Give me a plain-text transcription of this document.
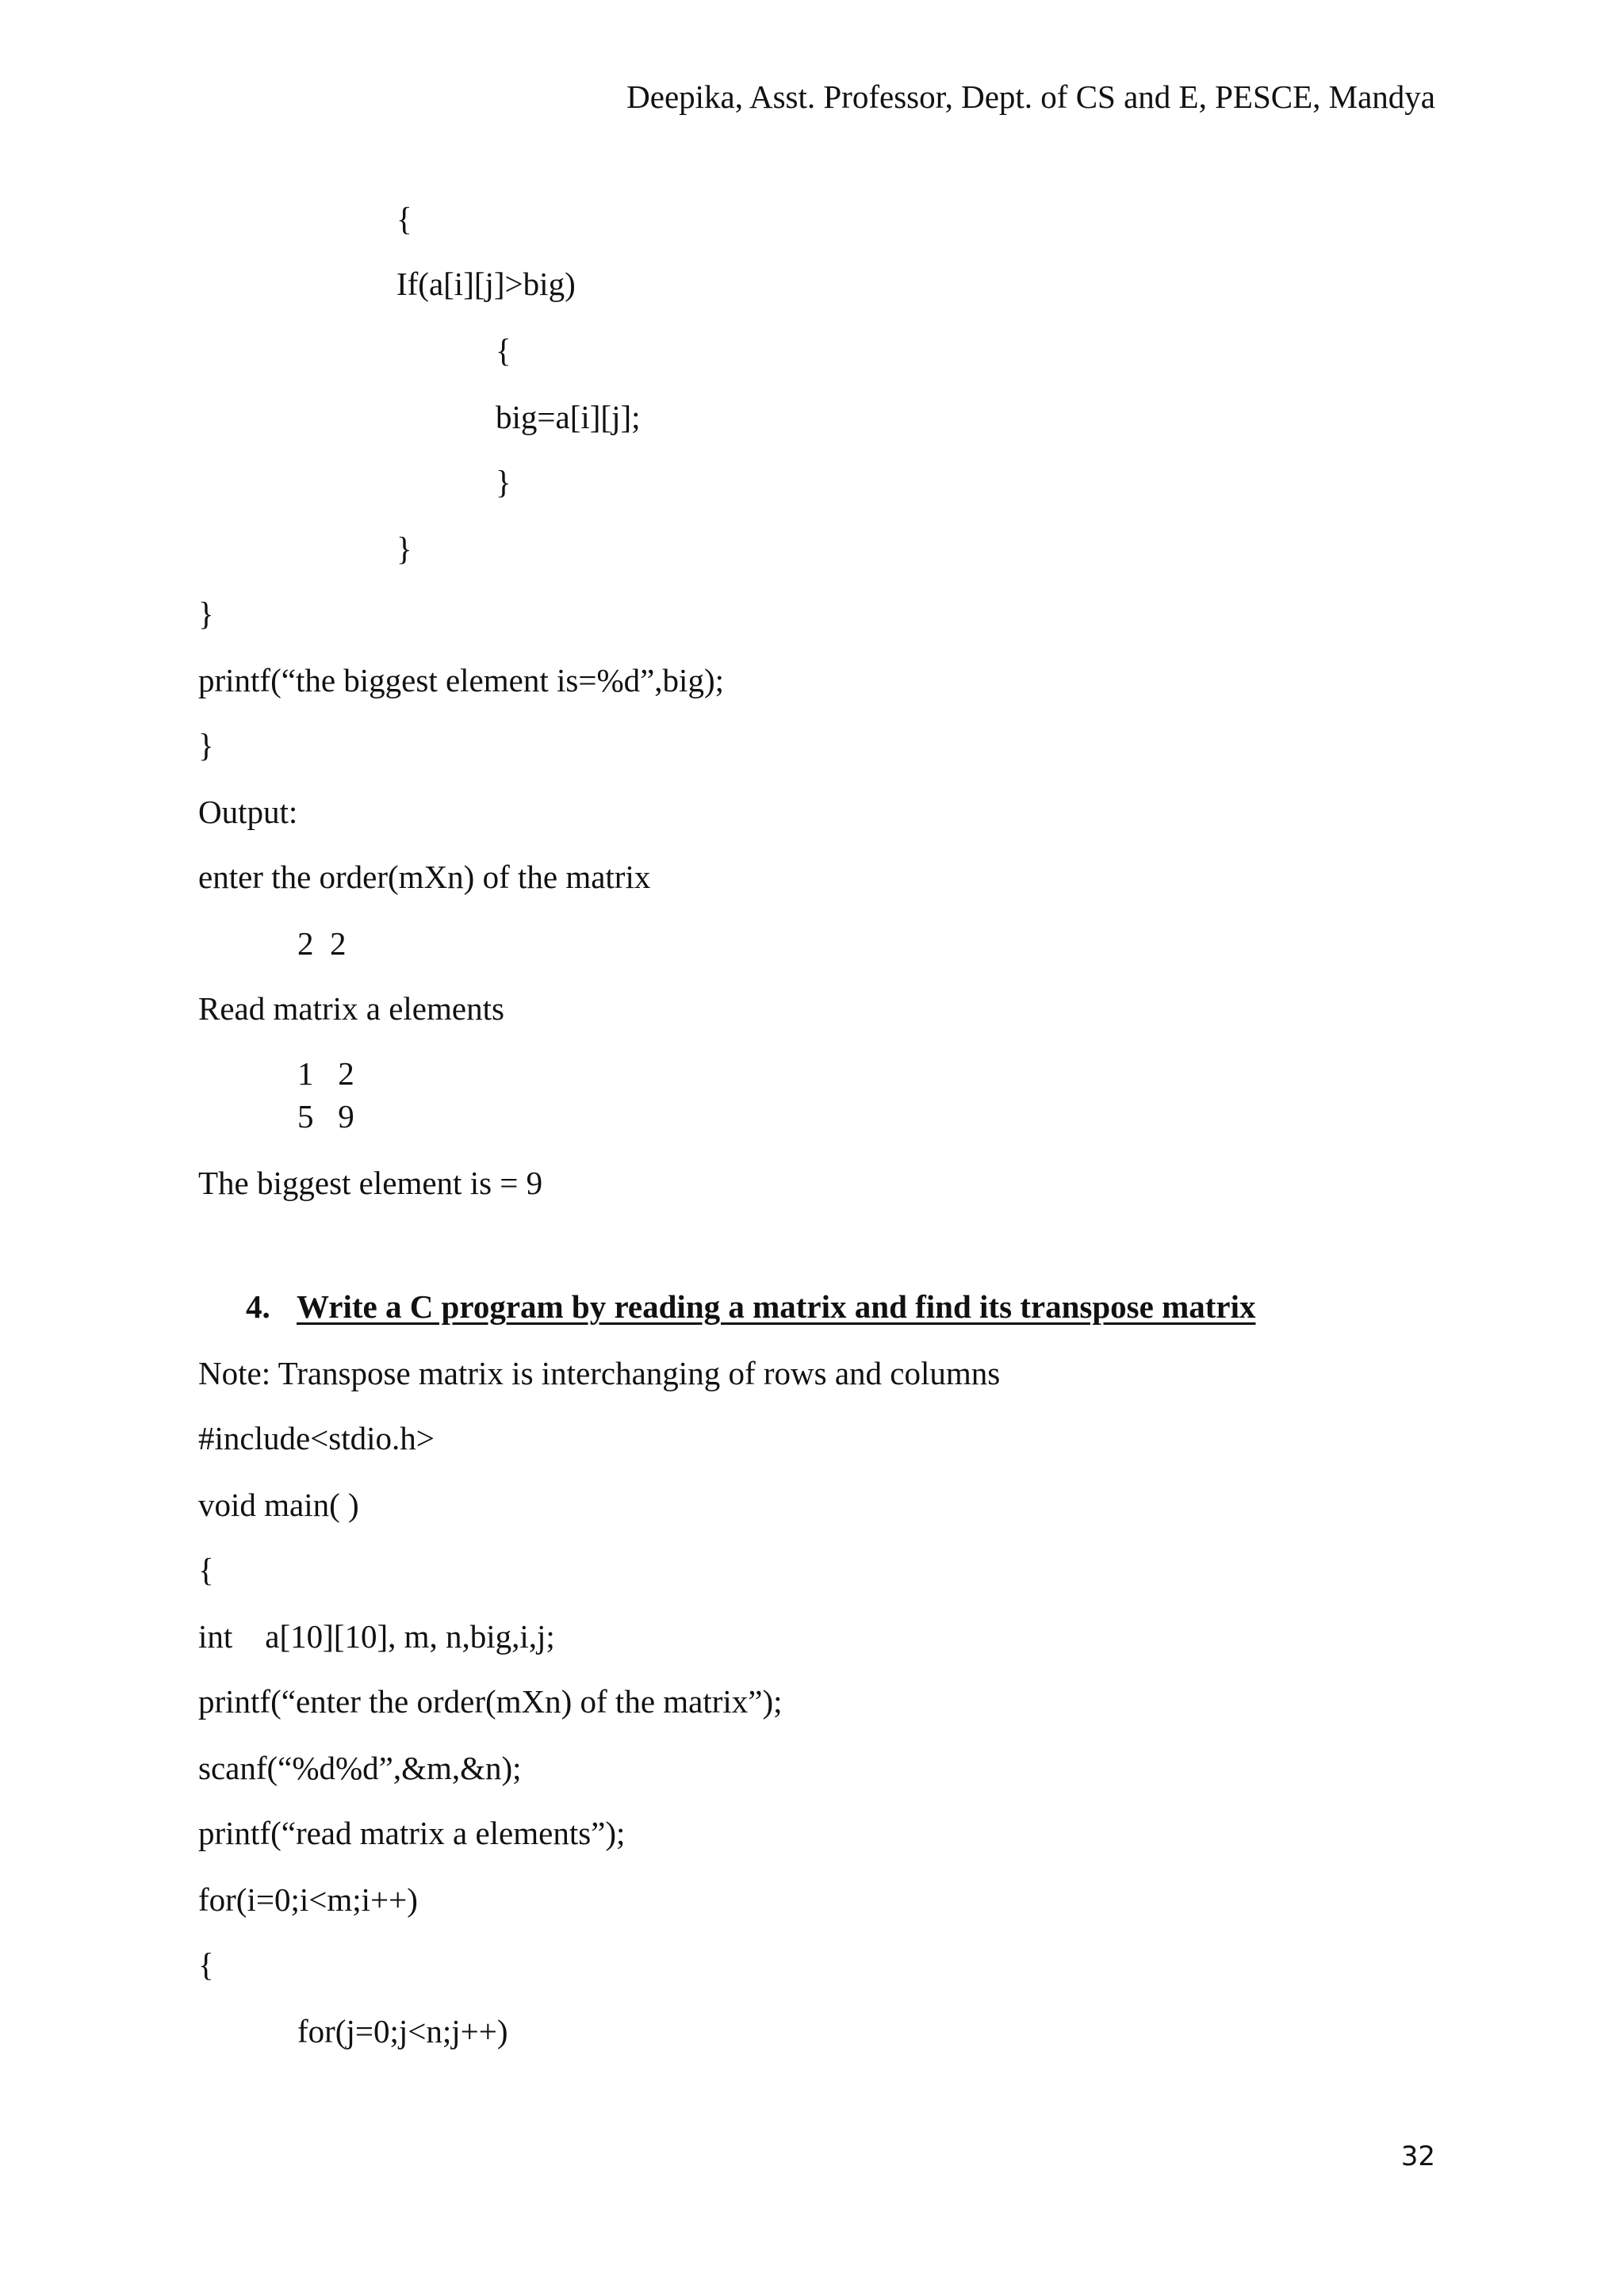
Deepika, Asst. Professor, Dept. of CS and E, PESCE, Mandya

{

If(a[i][j]>big)

{

big=a[i][j];

}

}

}

printf(“the biggest element is=%d”,big);

}

Output:

enter the order(mXn) of the matrix

2  2

Read matrix a elements

1   2

5   9

The biggest element is = 9

4. Write a C program by reading a matrix and find its transpose matrix

Note: Transpose matrix is interchanging of rows and columns

#include<stdio.h>

void main( )

{

int    a[10][10], m, n,big,i,j;

printf(“enter the order(mXn) of the matrix”);

scanf(“%d%d”,&m,&n);

printf(“read matrix a elements”);

for(i=0;i<m;i++)

{

for(j=0;j<n;j++)

32
